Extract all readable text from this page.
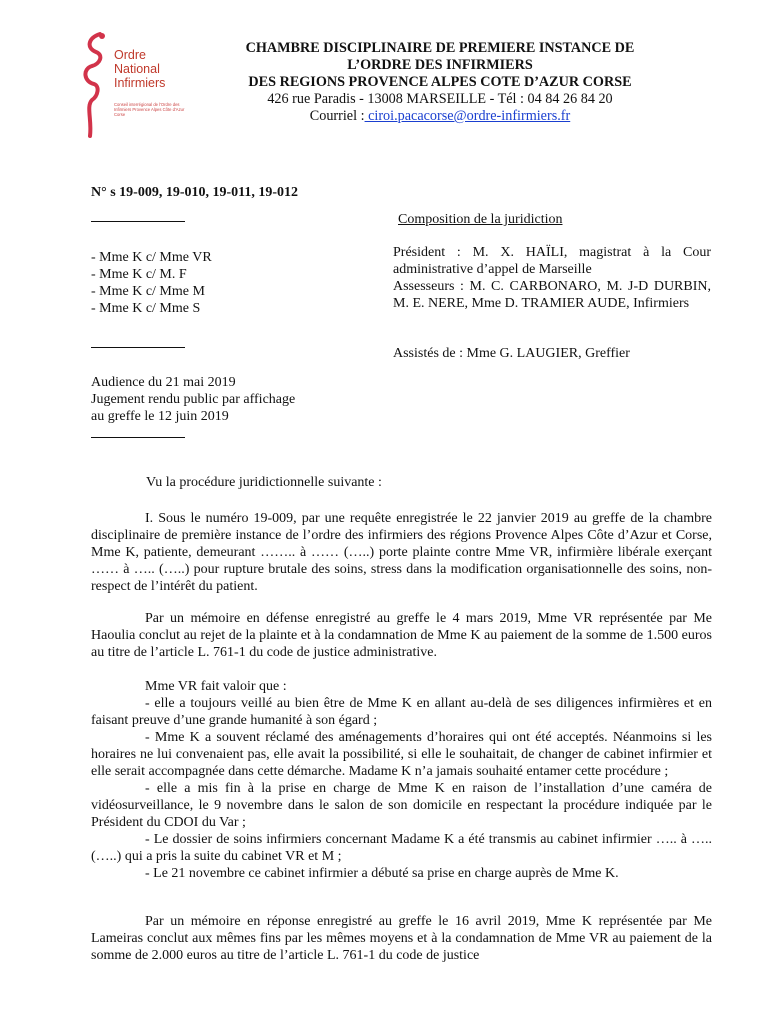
Ordre
National
Infirmiers
Conseil interrégional de l'Ordre des Infirmiers Provence Alpes Côte d'Azur Corse
CHAMBRE DISCIPLINAIRE DE PREMIERE INSTANCE DE
L’ORDRE DES INFIRMIERS
DES REGIONS PROVENCE ALPES COTE D’AZUR CORSE
426 rue Paradis - 13008 MARSEILLE - Tél : 04 84 26 84 20
Courriel : ciroi.pacacorse@ordre-infirmiers.fr
N° s 19-009, 19-010, 19-011, 19-012
- Mme K c/ Mme VR
- Mme K c/ M. F
- Mme K c/ Mme M
- Mme K c/ Mme S
Composition de la juridiction
Président : M. X. HAÏLI, magistrat à la Cour administrative d’appel de Marseille
Assesseurs : M. C. CARBONARO, M. J-D DURBIN, M. E. NERE, Mme D. TRAMIER AUDE, Infirmiers
Assistés de : Mme G. LAUGIER, Greffier
Audience du 21 mai 2019
Jugement rendu public par affichage
au greffe le 12 juin 2019
Vu la procédure juridictionnelle suivante :

I. Sous le numéro 19-009, par une requête enregistrée le 22 janvier 2019 au greffe de la chambre disciplinaire de première instance de l’ordre des infirmiers des régions Provence Alpes Côte d’Azur et Corse, Mme K, patiente, demeurant …….. à …… (…..) porte plainte contre Mme VR, infirmière libérale exerçant …… à ….. (…..) pour rupture brutale des soins, stress dans la modification organisationnelle des soins, non-respect de l’intérêt du patient.

Par un mémoire en défense enregistré au greffe le 4 mars 2019, Mme VR représentée par Me Haoulia conclut au rejet de la plainte et à la condamnation de Mme K au paiement de la somme de 1.500 euros au titre de l’article L. 761-1 du code de justice administrative.

Mme VR fait valoir que :

- elle a toujours veillé au bien être de Mme K en allant au-delà de ses diligences infirmières et en faisant preuve d’une grande humanité à son égard ;

- Mme K a souvent réclamé des aménagements d’horaires qui ont été acceptés. Néanmoins si les horaires ne lui convenaient pas, elle avait la possibilité, si elle le souhaitait, de changer de cabinet infirmier et elle serait accompagnée dans cette démarche. Madame K n’a jamais souhaité entamer cette procédure ;

- elle a mis fin à la prise en charge de Mme K en raison de l’installation d’une caméra de vidéosurveillance, le 9 novembre dans le salon de son domicile en respectant la procédure indiquée par le Président du CDOI du Var ;

- Le dossier de soins infirmiers concernant Madame K a été transmis au cabinet infirmier ….. à ….. (…..) qui a pris la suite du cabinet VR et M ;

- Le 21 novembre ce cabinet infirmier a débuté sa prise en charge auprès de Mme K.

Par un mémoire en réponse enregistré au greffe le 16 avril 2019, Mme K représentée par Me Lameiras conclut aux mêmes fins par les mêmes moyens et à la condamnation de Mme VR au paiement de la somme de 2.000 euros au titre de l’article L. 761-1 du code de justice
